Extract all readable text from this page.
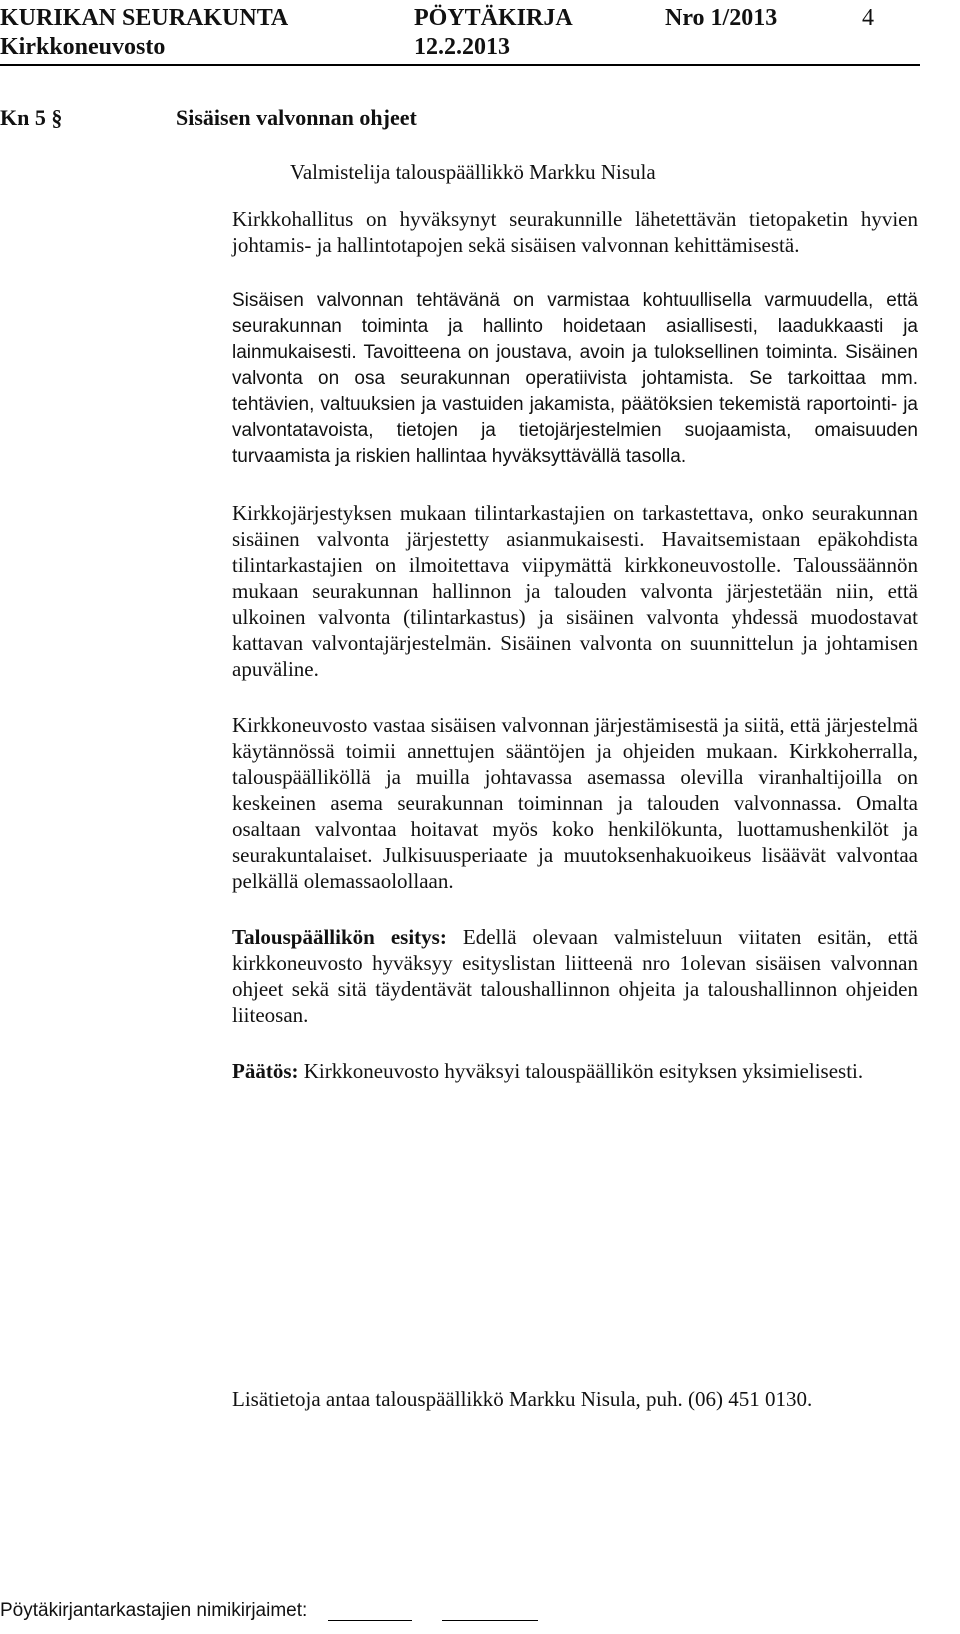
KURIKAN SEURAKUNTA	PÖYTÄKIRJA	Nro 1/2013	4
Kirkkoneuvosto	12.2.2013
Kn 5 §	Sisäisen valvonnan ohjeet
Valmistelija talouspäällikkö Markku Nisula

Kirkkohallitus on hyväksynyt seurakunnille lähetettävän tietopaketin hyvien johtamis- ja hallintotapojen sekä sisäisen valvonnan kehittämisestä.

Sisäisen valvonnan tehtävänä on varmistaa kohtuullisella varmuudella, että seurakunnan toiminta ja hallinto hoidetaan asiallisesti, laadukkaasti ja lainmukaisesti. Tavoitteena on joustava, avoin ja tuloksellinen toiminta. Sisäinen valvonta on osa seurakunnan operatiivista johtamista. Se tarkoittaa mm. tehtävien, valtuuksien ja vastuiden jakamista, päätöksien tekemistä raportointi- ja valvontatavoista, tietojen ja tietojärjestelmien suojaamista, omaisuuden turvaamista ja riskien hallintaa hyväksyttävällä tasolla.

Kirkkojärjestyksen mukaan tilintarkastajien on tarkastettava, onko seurakunnan sisäinen valvonta järjestetty asianmukaisesti. Havaitsemistaan epäkohdista tilintarkastajien on ilmoitettava viipymättä kirkkoneuvostolle. Taloussäännön mukaan seurakunnan hallinnon ja talouden valvonta järjestetään niin, että ulkoinen valvonta (tilintarkastus) ja sisäinen valvonta yhdessä muodostavat kattavan valvontajärjestelmän. Sisäinen valvonta on suunnittelun ja johtamisen apuväline.

Kirkkoneuvosto vastaa sisäisen valvonnan järjestämisestä ja siitä, että järjestelmä käytännössä toimii annettujen sääntöjen ja ohjeiden mukaan. Kirkkoherralla, talouspäälliköllä ja muilla johtavassa asemassa olevilla viranhaltijoilla on keskeinen asema seurakunnan toiminnan ja talouden valvonnassa. Omalta osaltaan valvontaa hoitavat myös koko henkilökunta, luottamushenkilöt ja seurakuntalaiset. Julkisuusperiaate ja muutoksenhakuoikeus lisäävät valvontaa pelkällä olemassaolollaan.

Talouspäällikön esitys: Edellä olevaan valmisteluun viitaten esitän, että kirkkoneuvosto hyväksyy esityslistan liitteenä nro 1olevan sisäisen valvonnan ohjeet sekä sitä täydentävät taloushallinnon ohjeita ja taloushallinnon ohjeiden liiteosan.

Päätös: Kirkkoneuvosto hyväksyi talouspäällikön esityksen yksimielisesti.

Lisätietoja antaa talouspäällikkö Markku Nisula, puh. (06) 451 0130.
Pöytäkirjantarkastajien nimikirjaimet:
